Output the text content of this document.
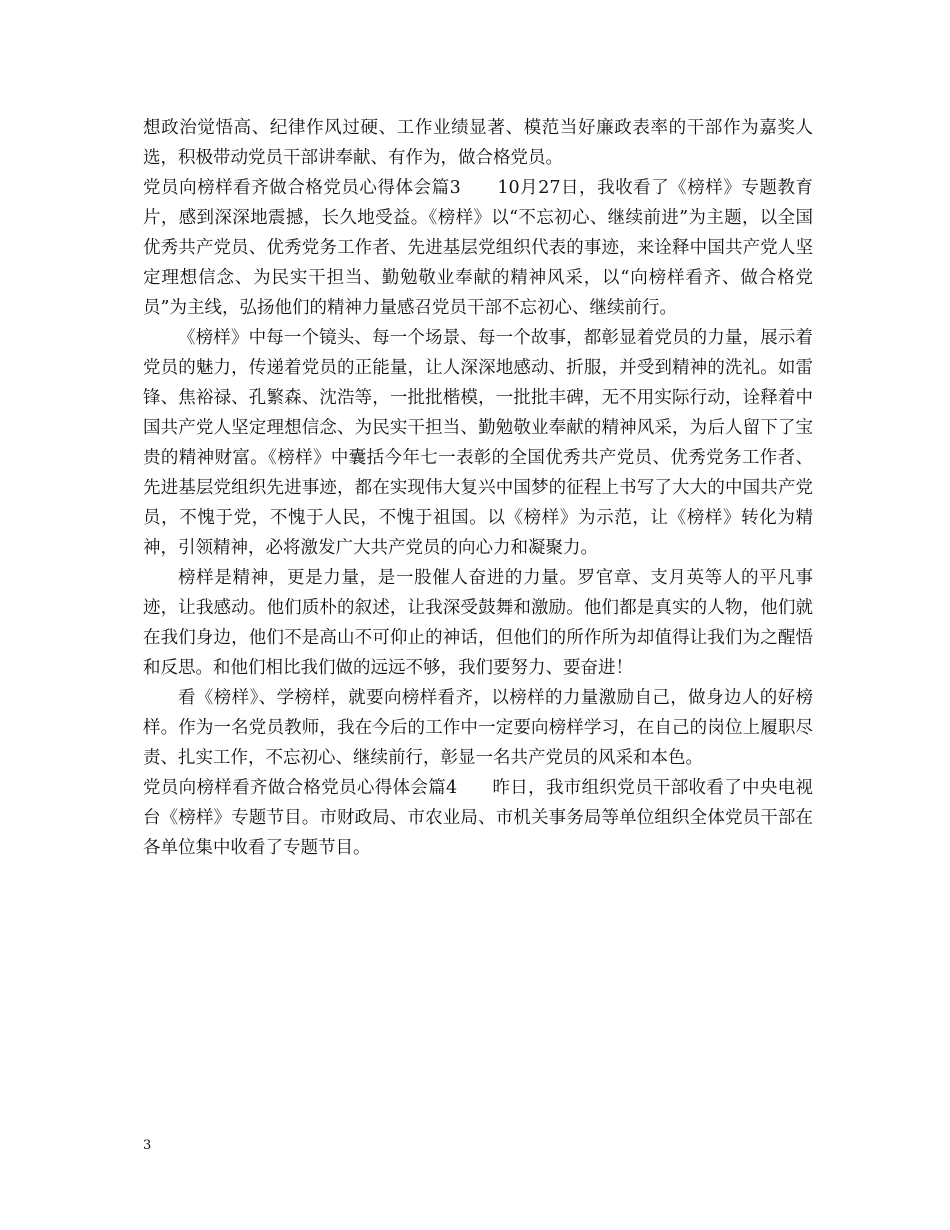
想政治觉悟高、纪律作风过硬、工作业绩显著、模范当好廉政表率的干部作为嘉奖人选，积极带动党员干部讲奉献、有作为，做合格党员。

党员向榜样看齐做合格党员心得体会篇3 10月27日，我收看了《榜样》专题教育片，感到深深地震撼，长久地受益。《榜样》以“不忘初心、继续前进”为主题，以全国优秀共产党员、优秀党务工作者、先进基层党组织代表的事迹，来诠释中国共产党人坚定理想信念、为民实干担当、勤勉敬业奉献的精神风采，以“向榜样看齐、做合格党员”为主线，弘扬他们的精神力量感召党员干部不忘初心、继续前行。

《榜样》中每一个镜头、每一个场景、每一个故事，都彰显着党员的力量，展示着党员的魅力，传递着党员的正能量，让人深深地感动、折服，并受到精神的洗礼。如雷锋、焦裕禄、孔繁森、沈浩等，一批批楷模，一批批丰碑，无不用实际行动，诠释着中国共产党人坚定理想信念、为民实干担当、勤勉敬业奉献的精神风采，为后人留下了宝贵的精神财富。《榜样》中囊括今年七一表彰的全国优秀共产党员、优秀党务工作者、先进基层党组织先进事迹，都在实现伟大复兴中国梦的征程上书写了大大的中国共产党员，不愧于党，不愧于人民，不愧于祖国。以《榜样》为示范，让《榜样》转化为精神，引领精神，必将激发广大共产党员的向心力和凝聚力。

榜样是精神，更是力量，是一股催人奋进的力量。罗官章、支月英等人的平凡事迹，让我感动。他们质朴的叙述，让我深受鼓舞和激励。他们都是真实的人物，他们就在我们身边，他们不是高山不可仰止的神话，但他们的所作所为却值得让我们为之醒悟和反思。和他们相比我们做的远远不够，我们要努力、要奋进！

看《榜样》、学榜样，就要向榜样看齐，以榜样的力量激励自己，做身边人的好榜样。作为一名党员教师，我在今后的工作中一定要向榜样学习，在自己的岗位上履职尽责、扎实工作，不忘初心、继续前行，彰显一名共产党员的风采和本色。

党员向榜样看齐做合格党员心得体会篇4 昨日，我市组织党员干部收看了中央电视台《榜样》专题节目。市财政局、市农业局、市机关事务局等单位组织全体党员干部在各单位集中收看了专题节目。

3
